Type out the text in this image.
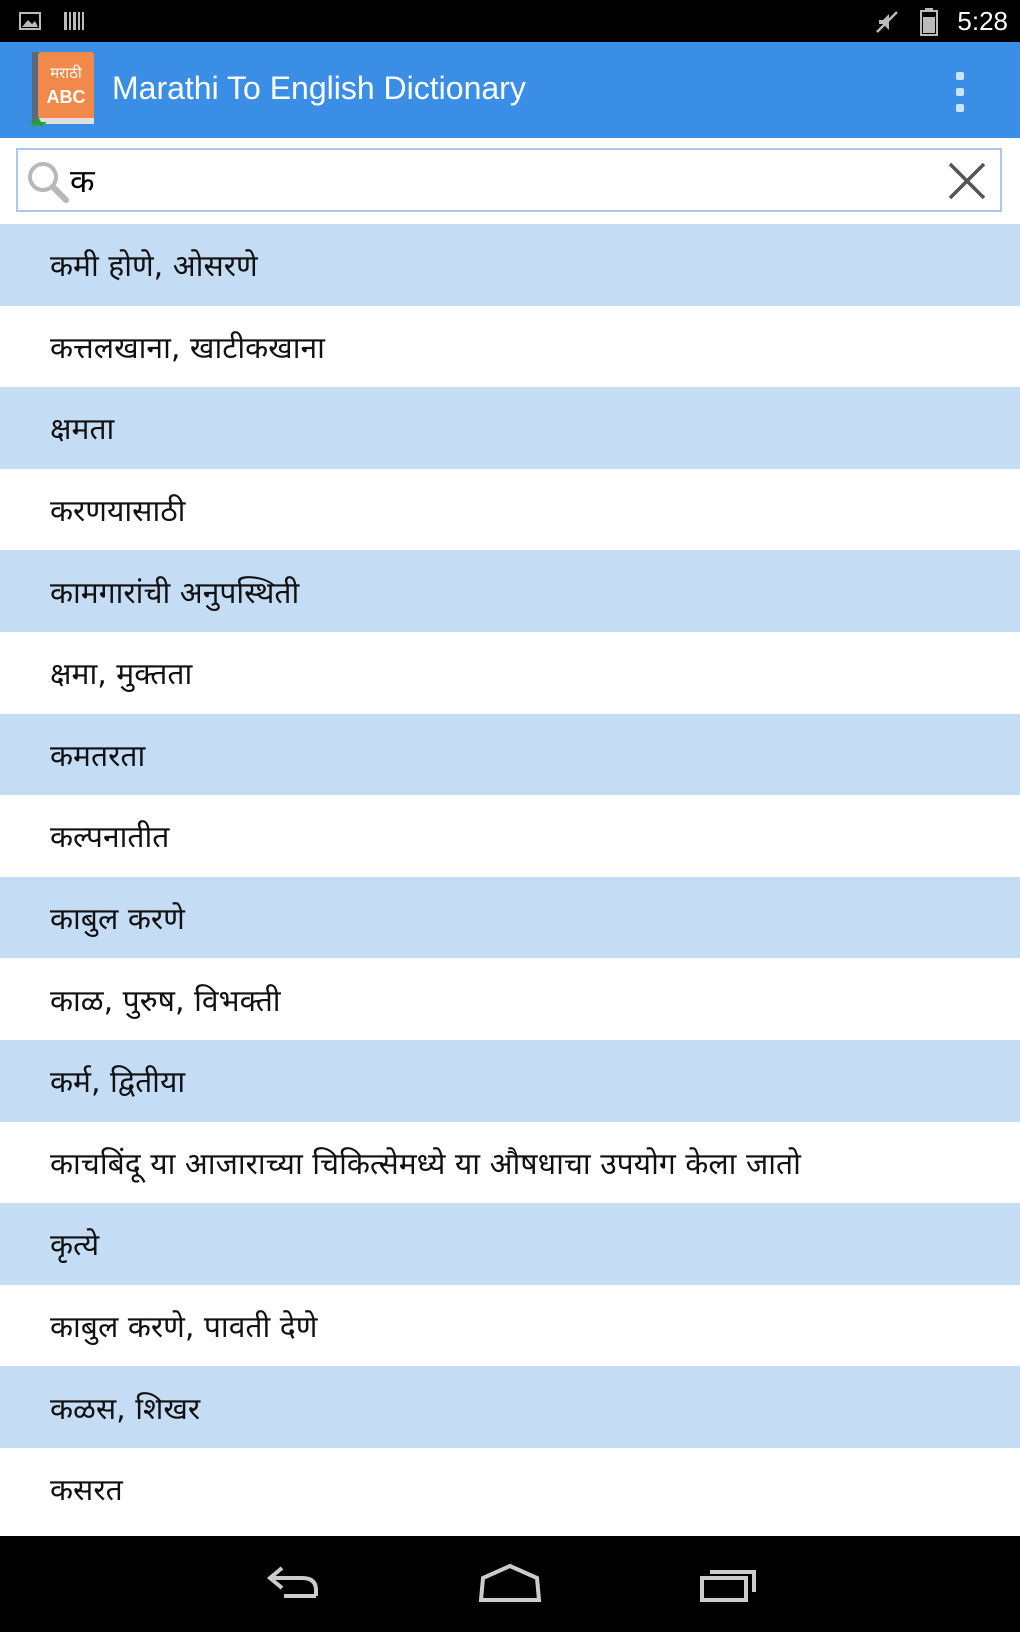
5:28
मराठी
ABC Marathi To English Dictionary
क
कमी होणे, ओसरणे
कत्तलखाना, खाटीकखाना
क्षमता
करणयासाठी
कामगारांची अनुपस्थिती
क्षमा, मुक्तता
कमतरता
कल्पनातीत
काबुल करणे
काळ, पुरुष, विभक्ती
कर्म, द्वितीया
काचबिंदू या आजाराच्या चिकित्सेमध्ये या औषधाचा उपयोग केला जातो
कृत्ये
काबुल करणे, पावती देणे
कळस, शिखर
कसरत
